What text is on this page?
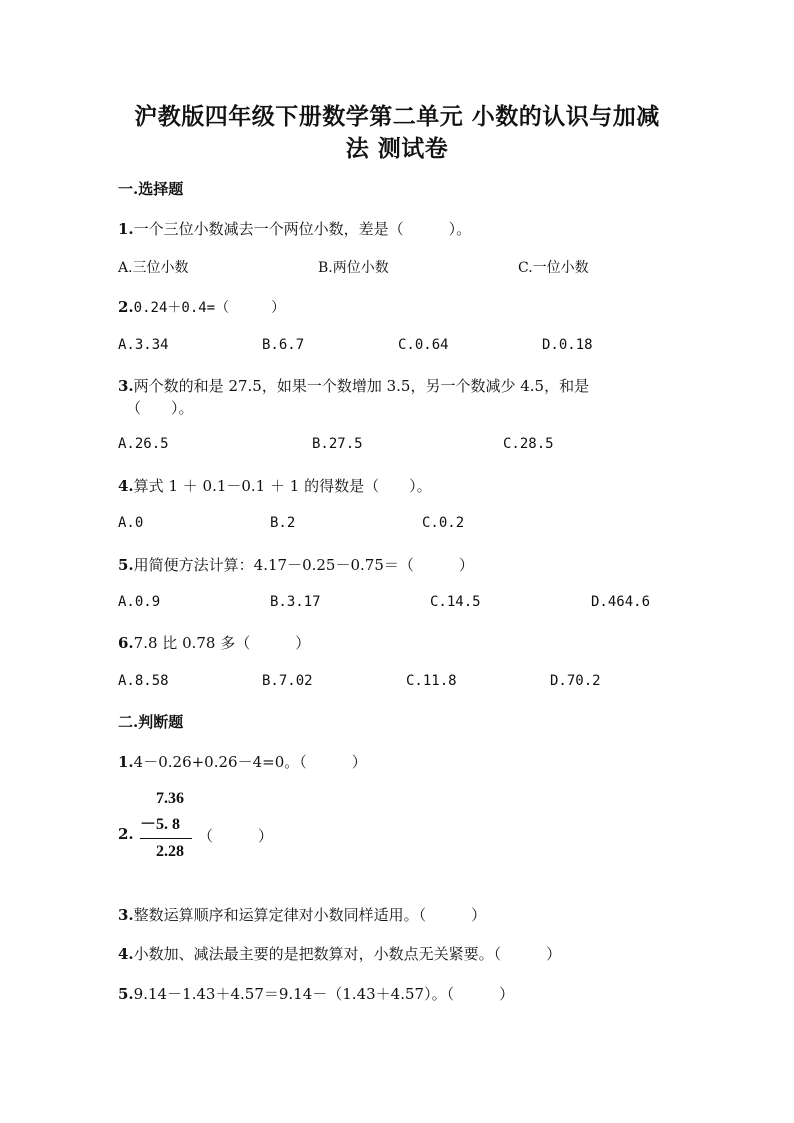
沪教版四年级下册数学第二单元 小数的认识与加减
法 测试卷
一.选择题
1.一个三位小数减去一个两位小数，差是（　　　）。
A.三位小数	B.两位小数	C.一位小数
2.0.24＋0.4=（　　　）
A.3.34	B.6.7	C.0.64	D.0.18
3.两个数的和是 27.5，如果一个数增加 3.5，另一个数减少 4.5，和是
（　　）。
A.26.5	B.27.5	C.28.5
4.算式 1 ＋ 0.1－0.1 ＋ 1 的得数是（　　）。
A.0	B.2	C.0.2
5.用简便方法计算：4.17－0.25－0.75＝（　　　）
A.0.9	B.3.17	C.14.5	D.464.6
6.7.8 比 0.78 多（　　　）
A.8.58	B.7.02	C.11.8	D.70.2
二.判断题
1.4－0.26+0.26－4=0。（　　　）
2.
7.36
－5. 8
2.28
（　　　）
3.整数运算顺序和运算定律对小数同样适用。（　　　）
4.小数加、减法最主要的是把数算对，小数点无关紧要。（　　　）
5.9.14－1.43＋4.57＝9.14－（1.43＋4.57）。（　　　）
